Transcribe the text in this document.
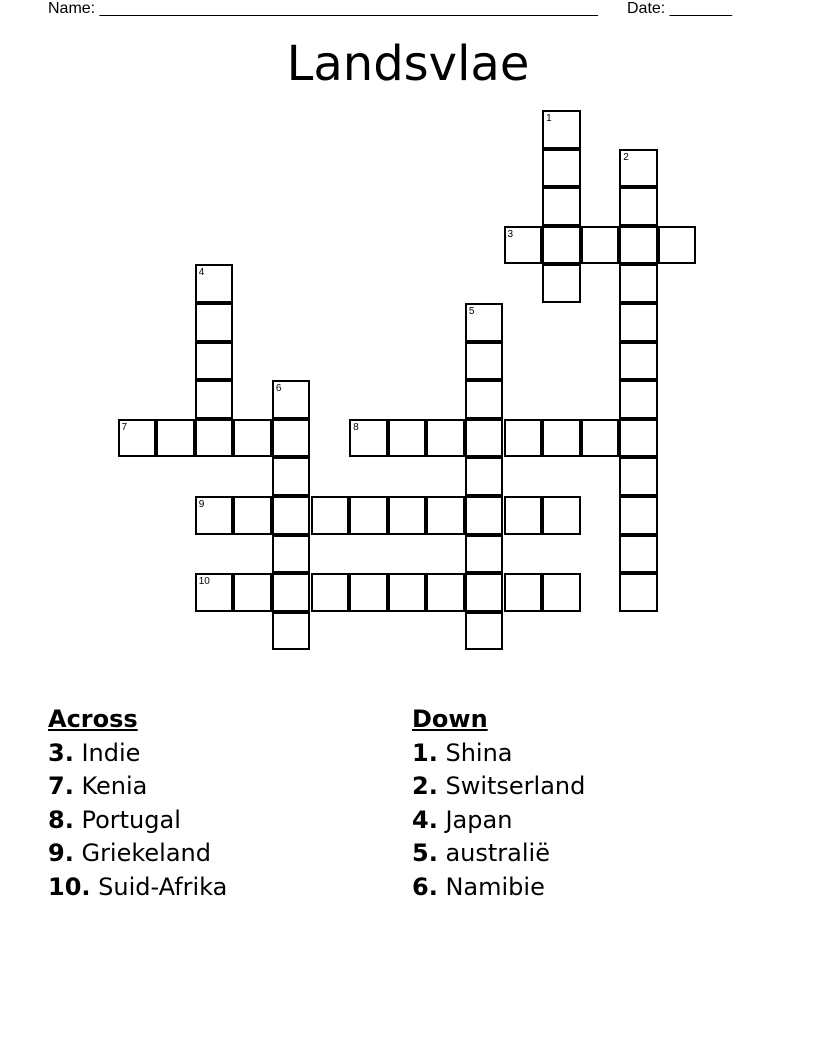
Name: ________________________________________________________ Date: _______
Landsvlae
1
2
3
4
5
6
7	8
9
10
Across
3. Indie
7. Kenia
8. Portugal
9. Griekeland
10. Suid-Afrika
Down
1. Shina
2. Switserland
4. Japan
5. australië
6. Namibie
